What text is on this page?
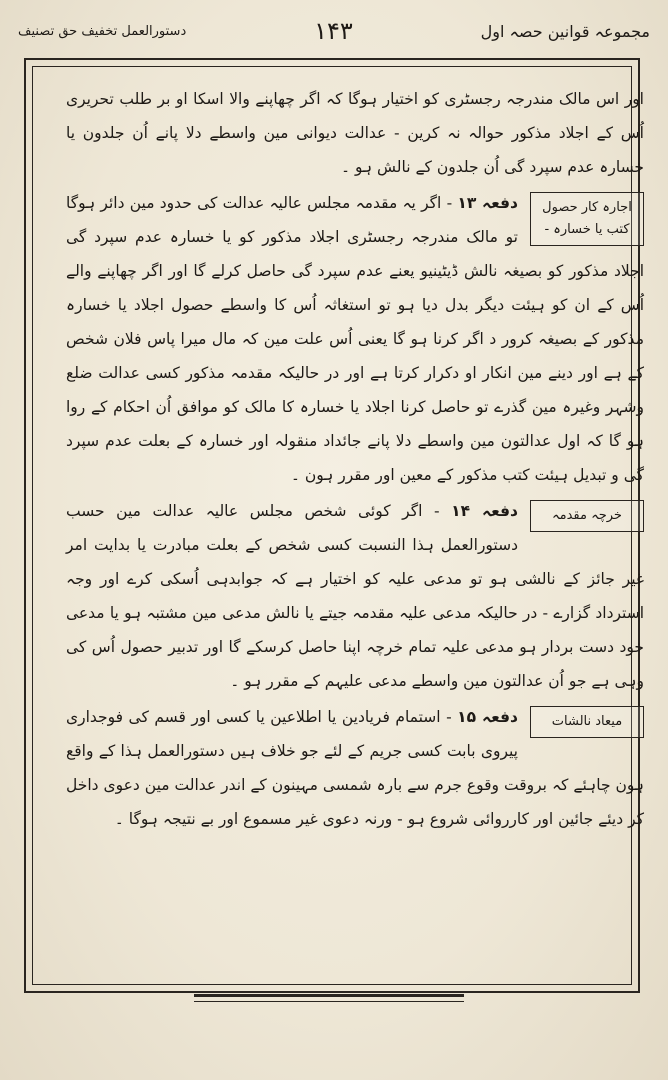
مجموعہ قوانین حصہ اول
۱۴۳
دستورالعمل تخفیف حق تصنیف

اور اس مالک مندرجہ رجسٹری کو اختیار ہوگا کہ اگر چھاپنے والا اسکا او بر طلب تحریری اُس کے اجلاد مذکور حوالہ نہ کرین - عدالت دیوانی مین واسطے دلا پانے اُن جلدون یا خسارہ عدم سپرد گی اُن جلدون کے نالش ہو ۔

اجارہ کار حصول کتب یا خسارہ -

دفعہ ۱۳ - اگر یہ مقدمہ مجلس عالیہ عدالت کی حدود مین دائر ہوگا تو مالک مندرجہ رجسٹری اجلاد مذکور کو یا خسارہ عدم سپرد گی اجلاد مذکور کو بصیغہ نالش ڈیٹینیو یعنے عدم سپرد گی حاصل کرلے گا اور اگر چھاپنے والے اُس کے ان کو ہیئت دیگر بدل دیا ہو تو استغاثہ اُس کا واسطے حصول اجلاد یا خسارہ مذکور کے بصیغہ کرور د اگر کرنا ہو گا یعنی اُس علت مین کہ مال میرا پاس فلان شخص کے ہے اور دینے مین انکار او دکرار کرتا ہے اور در حالیکہ مقدمہ مذکور کسی عدالت ضلع وشہر وغیرہ مین گذرے تو حاصل کرنا اجلاد یا خسارہ کا مالک کو موافق اُن احکام کے روا ہو گا کہ اول عدالتون مین واسطے دلا پانے جائداد منقولہ اور خسارہ کے بعلت عدم سپرد گی و تبدیل ہیئت کتب مذکور کے معین اور مقرر ہون ۔

خرچہ مقدمہ

دفعہ ۱۴ - اگر کوئی شخص مجلس عالیہ عدالت مین حسب دستورالعمل ہذا النسبت کسی شخص کے بعلت مبادرت یا بدایت امر غیر جائز کے نالشی ہو تو مدعی علیہ کو اختیار ہے کہ جوابدہی اُسکی کرے اور وجہ استرداد گزارے - در حالیکہ مدعی علیہ مقدمہ جیتے یا نالش مدعی مین مشتبہ ہو یا مدعی خود دست بردار ہو مدعی علیہ تمام خرچہ اپنا حاصل کرسکے گا اور تدبیر حصول اُس کی وہی ہے جو اُن عدالتون مین واسطے مدعی علیہم کے مقرر ہو ۔

میعاد نالشات

دفعہ ۱۵ - استمام فریادین یا اطلاعین یا کسی اور قسم کی فوجداری پیروی بابت کسی جریم کے لئے جو خلاف ہیں دستورالعمل ہذا کے واقع ہون چاہئے کہ بروقت وقوع جرم سے بارہ شمسی مہینون کے اندر عدالت مین دعوی داخل کر دیئے جائین اور کارروائی شروع ہو - ورنہ دعوی غیر مسموع اور بے نتیجہ ہوگا ۔
